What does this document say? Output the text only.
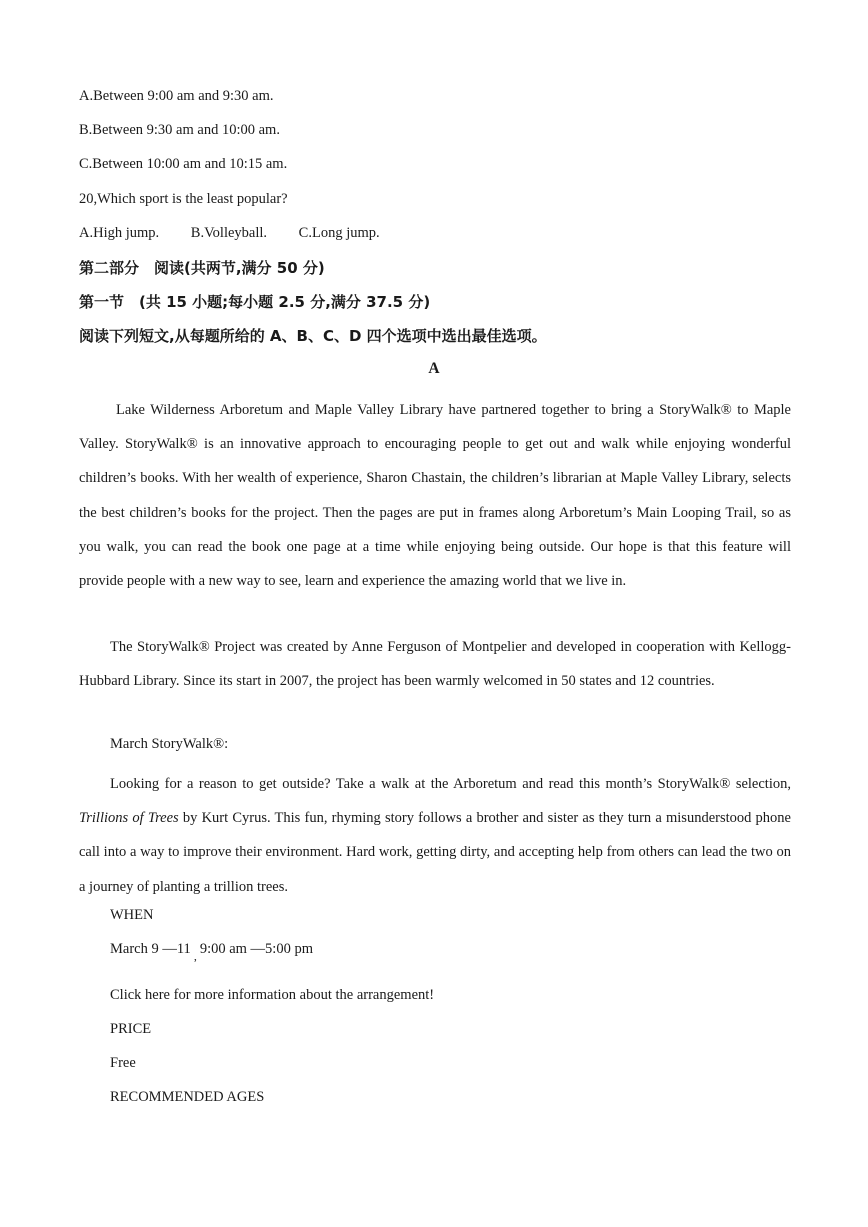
A.Between 9:00 am and 9:30 am.
B.Between 9:30 am and 10:00 am.
C.Between 10:00 am and 10:15 am.
20,Which sport is the least popular?
A.High jump. B.Volleyball. C.Long jump.
第二部分　阅读(共两节,满分 50 分)
第一节　(共 15 小题;每小题 2.5 分,满分 37.5 分)
阅读下列短文,从每题所给的 A、B、C、D 四个选项中选出最佳选项。
A
Lake Wilderness Arboretum and Maple Valley Library have partnered together to bring a StoryWalk® to Maple Valley. StoryWalk® is an innovative approach to encouraging people to get out and walk while enjoying wonderful children’s books. With her wealth of experience, Sharon Chastain, the children’s librarian at Maple Valley Library, selects the best children’s books for the project. Then the pages are put in frames along Arboretum’s Main Looping Trail, so as you walk, you can read the book one page at a time while enjoying being outside. Our hope is that this feature will provide people with a new way to see, learn and experience the amazing world that we live in.
The StoryWalk® Project was created by Anne Ferguson of Montpelier and developed in cooperation with Kellogg-Hubbard Library. Since its start in 2007, the project has been warmly welcomed in 50 states and 12 countries.
March StoryWalk®:
Looking for a reason to get outside? Take a walk at the Arboretum and read this month’s StoryWalk® selection, Trillions of Trees by Kurt Cyrus. This fun, rhyming story follows a brother and sister as they turn a misunderstood phone call into a way to improve their environment. Hard work, getting dirty, and accepting help from others can lead the two on a journey of planting a trillion trees.
WHEN
March 9 —11 $_,$ 9:00 am —5:00 pm
Click here for more information about the arrangement!
PRICE
Free
RECOMMENDED AGES
